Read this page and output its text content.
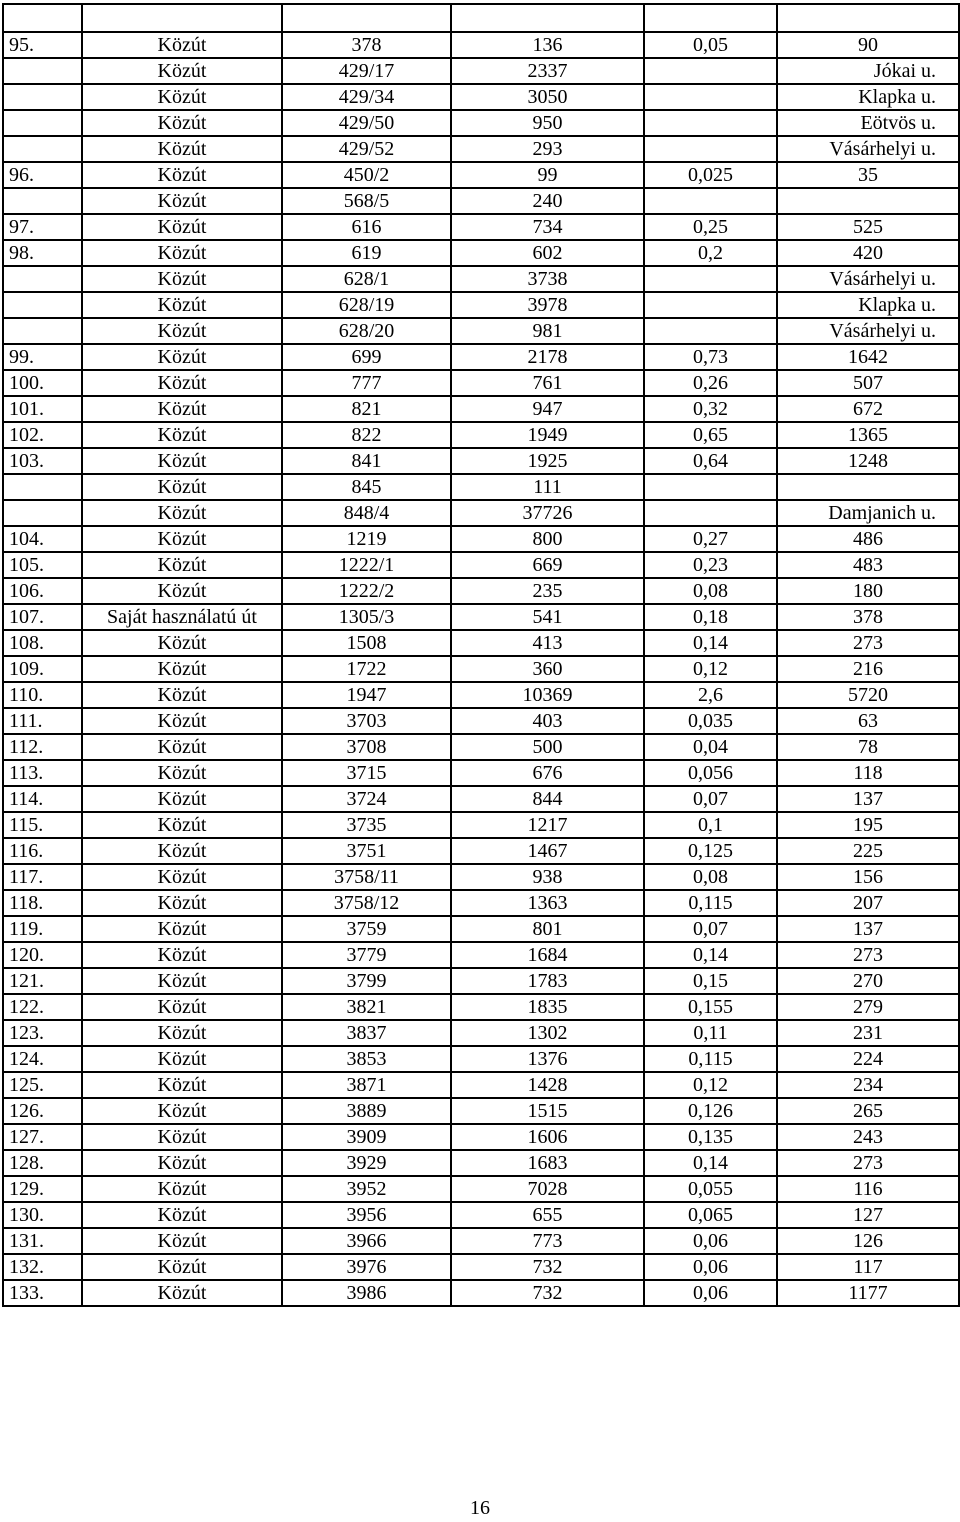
95.	Közút	378	136	0,05	90
	Közút	429/17	2337		Jókai u.
	Közút	429/34	3050		Klapka u.
	Közút	429/50	950		Eötvös u.
	Közút	429/52	293		Vásárhelyi u.
96.	Közút	450/2	99	0,025	35
	Közút	568/5	240		
97.	Közút	616	734	0,25	525
98.	Közút	619	602	0,2	420
	Közút	628/1	3738		Vásárhelyi u.
	Közút	628/19	3978		Klapka u.
	Közút	628/20	981		Vásárhelyi u.
99.	Közút	699	2178	0,73	1642
100.	Közút	777	761	0,26	507
101.	Közút	821	947	0,32	672
102.	Közút	822	1949	0,65	1365
103.	Közút	841	1925	0,64	1248
	Közút	845	111		
	Közút	848/4	37726		Damjanich u.
104.	Közút	1219	800	0,27	486
105.	Közút	1222/1	669	0,23	483
106.	Közút	1222/2	235	0,08	180
107.	Saját használatú út	1305/3	541	0,18	378
108.	Közút	1508	413	0,14	273
109.	Közút	1722	360	0,12	216
110.	Közút	1947	10369	2,6	5720
111.	Közút	3703	403	0,035	63
112.	Közút	3708	500	0,04	78
113.	Közút	3715	676	0,056	118
114.	Közút	3724	844	0,07	137
115.	Közút	3735	1217	0,1	195
116.	Közút	3751	1467	0,125	225
117.	Közút	3758/11	938	0,08	156
118.	Közút	3758/12	1363	0,115	207
119.	Közút	3759	801	0,07	137
120.	Közút	3779	1684	0,14	273
121.	Közút	3799	1783	0,15	270
122.	Közút	3821	1835	0,155	279
123.	Közút	3837	1302	0,11	231
124.	Közút	3853	1376	0,115	224
125.	Közút	3871	1428	0,12	234
126.	Közút	3889	1515	0,126	265
127.	Közút	3909	1606	0,135	243
128.	Közút	3929	1683	0,14	273
129.	Közút	3952	7028	0,055	116
130.	Közút	3956	655	0,065	127
131.	Közút	3966	773	0,06	126
132.	Közút	3976	732	0,06	117
133.	Közút	3986	732	0,06	1177
16
